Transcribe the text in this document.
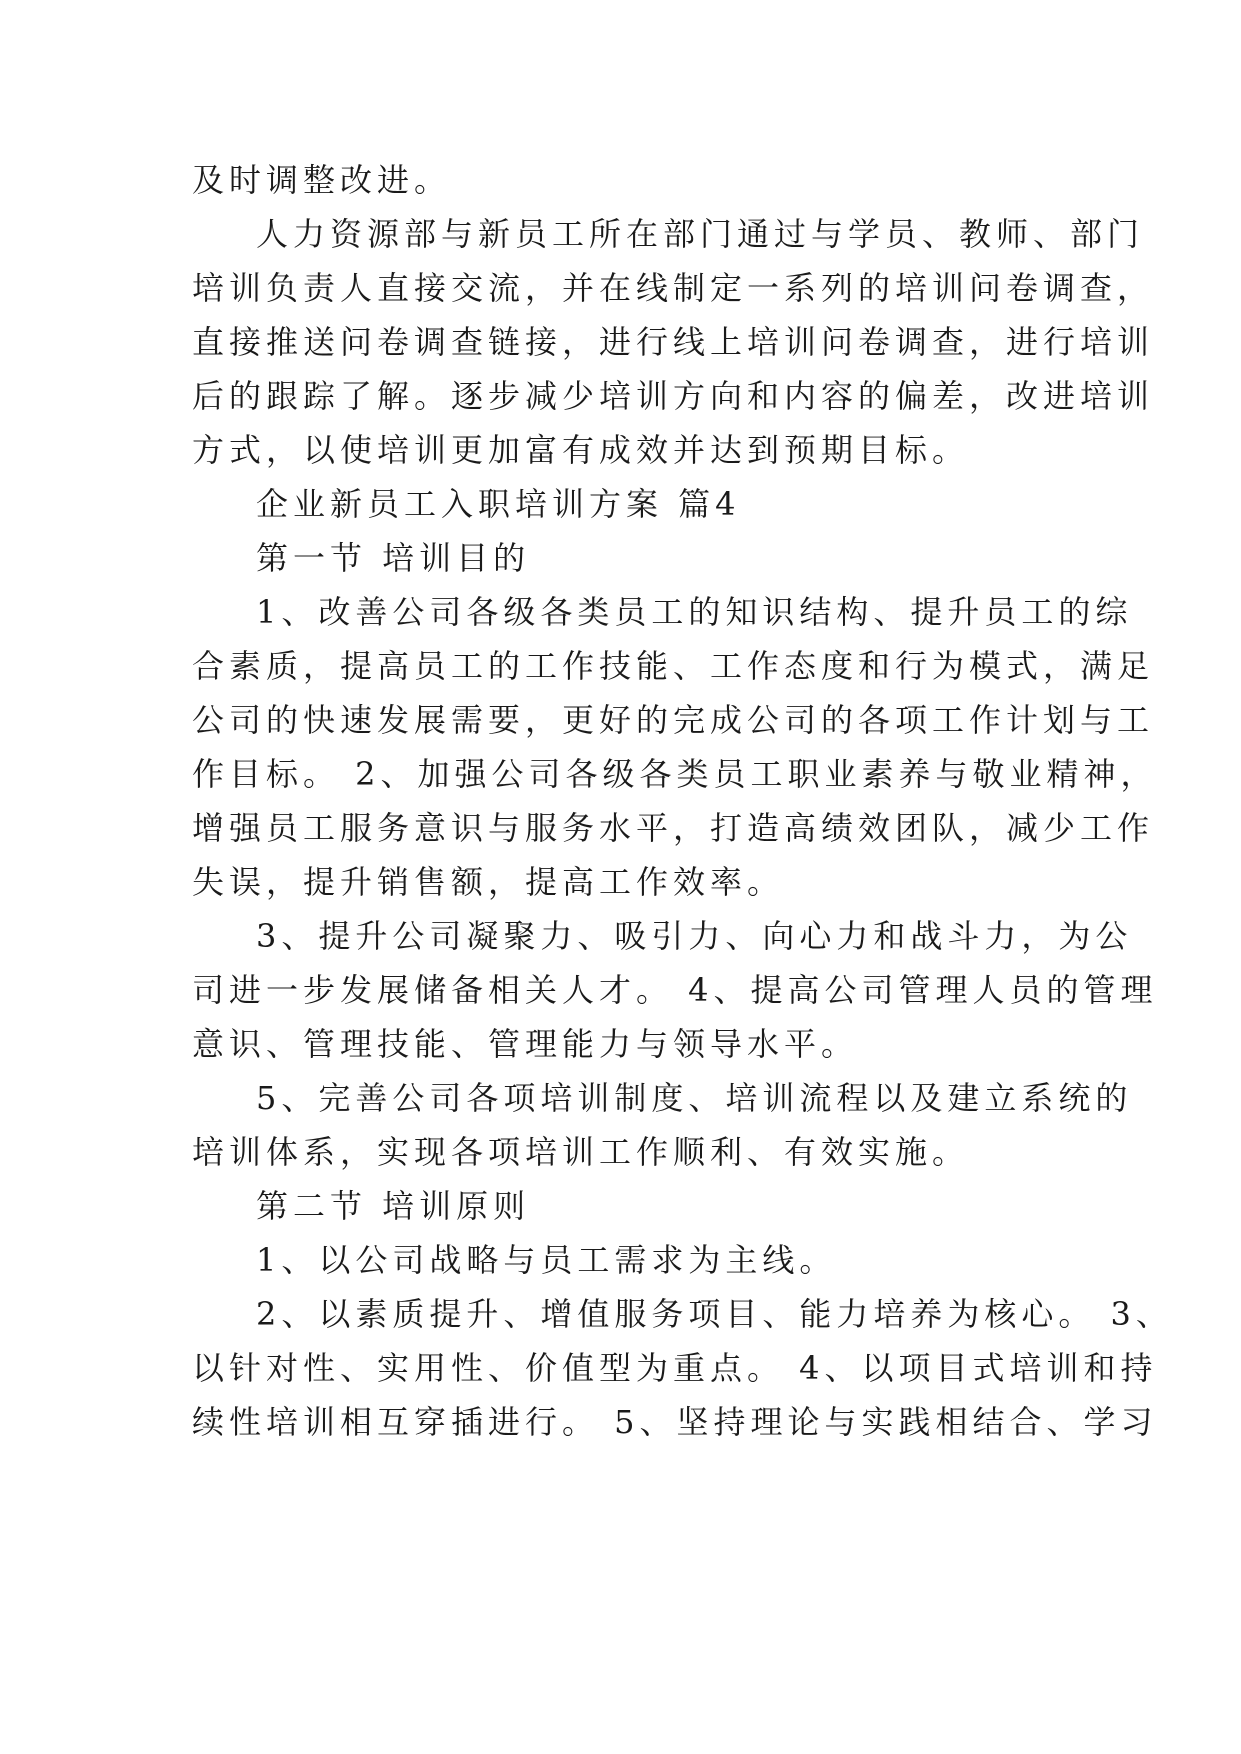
及时调整改进。
人力资源部与新员工所在部门通过与学员、教师、部门
培训负责人直接交流，并在线制定一系列的培训问卷调查，
直接推送问卷调查链接，进行线上培训问卷调查，进行培训
后的跟踪了解。逐步减少培训方向和内容的偏差，改进培训
方式，以使培训更加富有成效并达到预期目标。
企业新员工入职培训方案 篇4
第一节 培训目的
1、改善公司各级各类员工的知识结构、提升员工的综
合素质，提高员工的工作技能、工作态度和行为模式，满足
公司的快速发展需要，更好的完成公司的各项工作计划与工
作目标。 2、加强公司各级各类员工职业素养与敬业精神，
增强员工服务意识与服务水平，打造高绩效团队，减少工作
失误，提升销售额，提高工作效率。
3、提升公司凝聚力、吸引力、向心力和战斗力，为公
司进一步发展储备相关人才。 4、提高公司管理人员的管理
意识、管理技能、管理能力与领导水平。
5、完善公司各项培训制度、培训流程以及建立系统的
培训体系，实现各项培训工作顺利、有效实施。
第二节 培训原则
1、以公司战略与员工需求为主线。
2、以素质提升、增值服务项目、能力培养为核心。 3、
以针对性、实用性、价值型为重点。 4、以项目式培训和持
续性培训相互穿插进行。 5、坚持理论与实践相结合、学习
